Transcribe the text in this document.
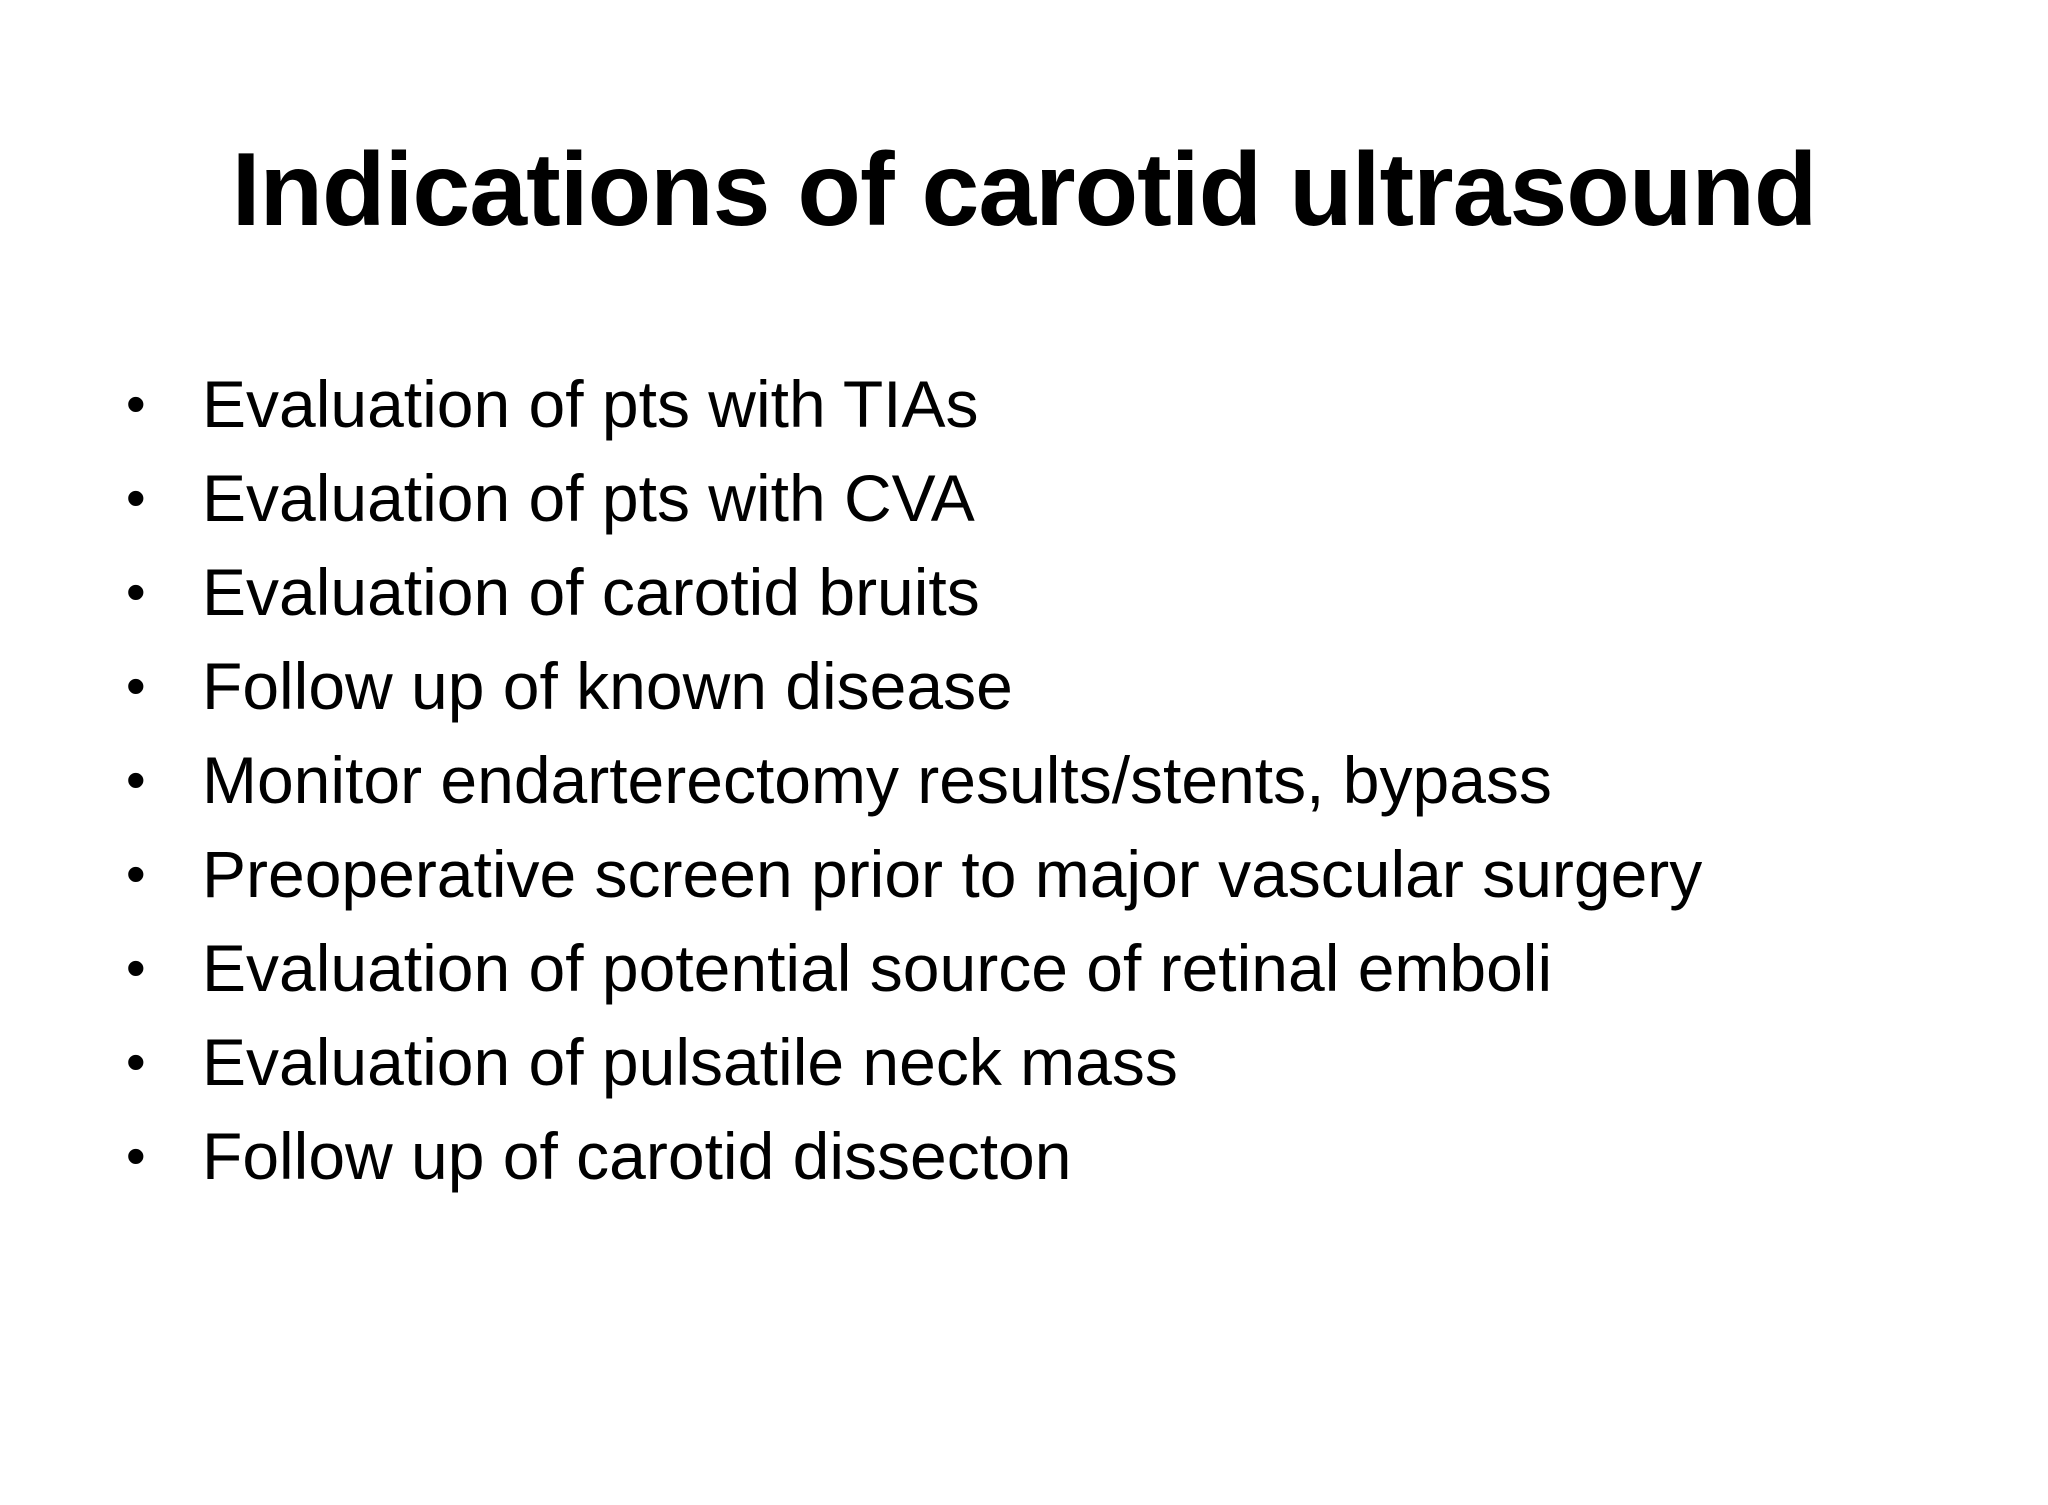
Indications of carotid ultrasound
• Evaluation of pts with TIAs
• Evaluation of pts with CVA
• Evaluation of carotid bruits
• Follow up of known disease
• Monitor endarterectomy results/stents, bypass
• Preoperative screen prior to major vascular surgery
• Evaluation of potential source of retinal emboli
• Evaluation of pulsatile neck mass
• Follow up of carotid dissecton
